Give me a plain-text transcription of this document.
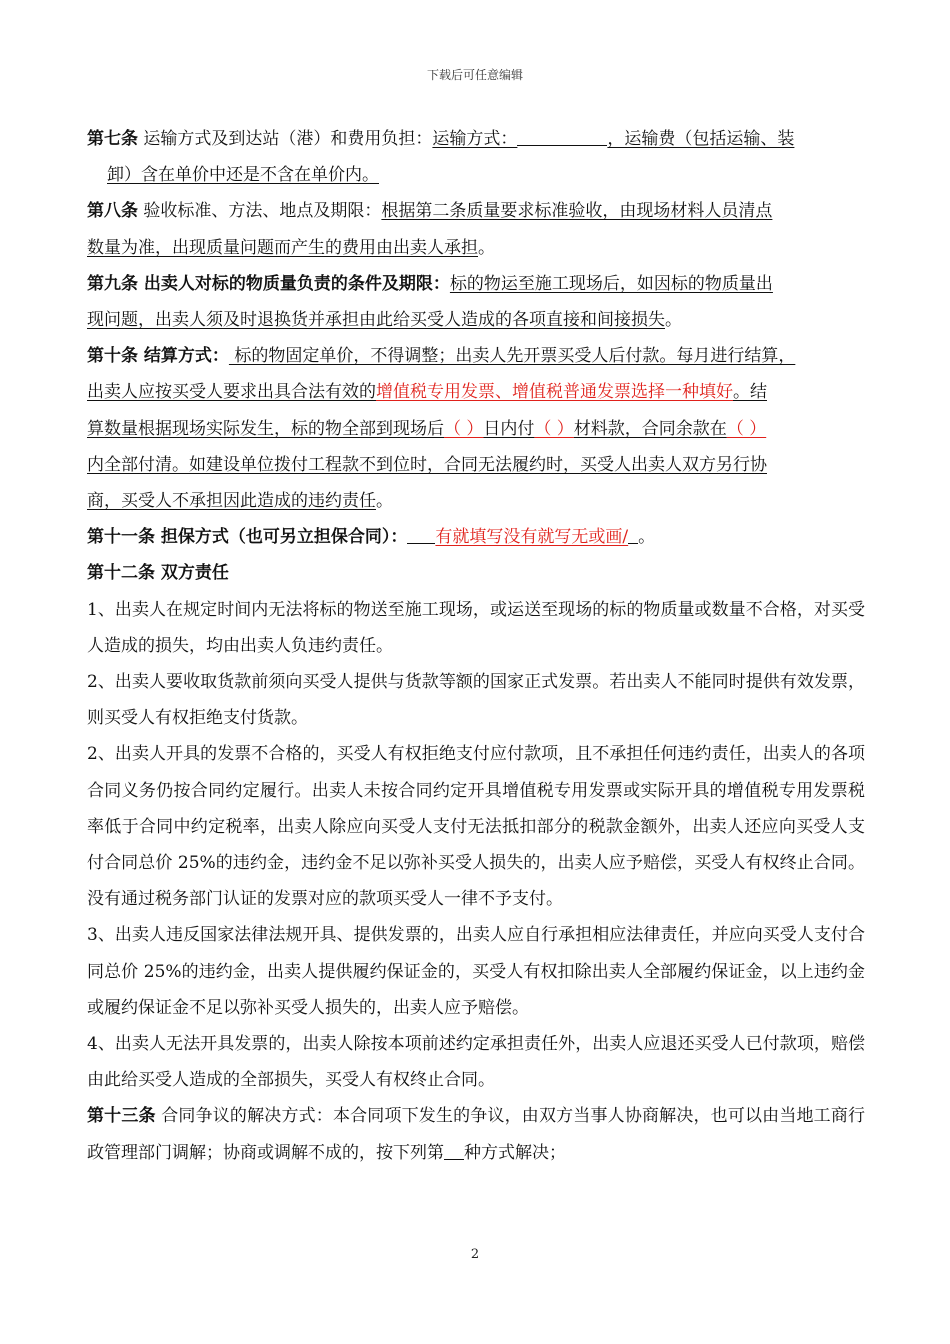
下载后可任意编辑

第七条 运输方式及到达站（港）和费用负担：运输方式：	，运输费（包括运输、装

卸）含在单价中还是不含在单价内。

第八条 验收标准、方法、地点及期限：根据第二条质量要求标准验收，由现场材料人员清点
数量为准，出现质量问题而产生的费用由出卖人承担。

第九条 出卖人对标的物质量负责的条件及期限：标的物运至施工现场后，如因标的物质量出
现问题，出卖人须及时退换货并承担由此给买受人造成的各项直接和间接损失。

第十条 结算方式： 标的物固定单价，不得调整；出卖人先开票买受人后付款。每月进行结算，
出卖人应按买受人要求出具合法有效的增值税专用发票、增值税普通发票选择一种填好。结
算数量根据现场实际发生，标的物全部到现场后（ ）日内付（ ）材料款，合同余款在（ ）
内全部付清。如建设单位拨付工程款不到位时，合同无法履约时，买受人出卖人双方另行协
商，买受人不承担因此造成的违约责任。

第十一条 担保方式（也可另立担保合同）： 有就填写没有就写无或画/ 。

第十二条 双方责任

1、出卖人在规定时间内无法将标的物送至施工现场，或运送至现场的标的物质量或数量不合格，对买受人造成的损失，均由出卖人负违约责任。

2、出卖人要收取货款前须向买受人提供与货款等额的国家正式发票。若出卖人不能同时提供有效发票，则买受人有权拒绝支付货款。

2、出卖人开具的发票不合格的，买受人有权拒绝支付应付款项，且不承担任何违约责任，出卖人的各项合同义务仍按合同约定履行。出卖人未按合同约定开具增值税专用发票或实际开具的增值税专用发票税率低于合同中约定税率，出卖人除应向买受人支付无法抵扣部分的税款金额外，出卖人还应向买受人支付合同总价 25%的违约金，违约金不足以弥补买受人损失的，出卖人应予赔偿，买受人有权终止合同。没有通过税务部门认证的发票对应的款项买受人一律不予支付。

3、出卖人违反国家法律法规开具、提供发票的，出卖人应自行承担相应法律责任，并应向买受人支付合同总价 25%的违约金，出卖人提供履约保证金的，买受人有权扣除出卖人全部履约保证金，以上违约金或履约保证金不足以弥补买受人损失的，出卖人应予赔偿。

4、出卖人无法开具发票的，出卖人除按本项前述约定承担责任外，出卖人应退还买受人已付款项，赔偿由此给买受人造成的全部损失，买受人有权终止合同。

第十三条 合同争议的解决方式：本合同项下发生的争议，由双方当事人协商解决，也可以由当地工商行政管理部门调解；协商或调解不成的，按下列第 种方式解决；

2
